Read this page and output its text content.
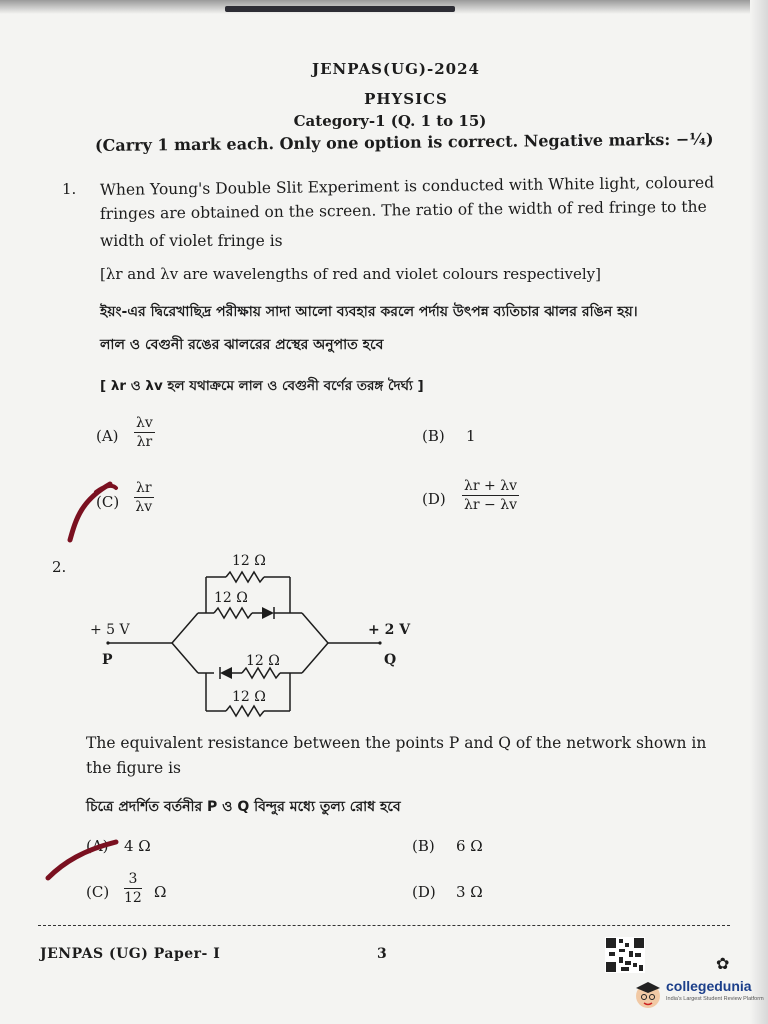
JENPAS(UG)-2024
PHYSICS
Category-1 (Q. 1 to 15)
(Carry 1 mark each. Only one option is correct. Negative marks: −¼)
1. When Young's Double Slit Experiment is conducted with White light, coloured
fringes are obtained on the screen. The ratio of the width of red fringe to the
width of violet fringe is
[λr and λv are wavelengths of red and violet colours respectively]
ইয়ং-এর দ্বিরেখাছিদ্র পরীক্ষায় সাদা আলো ব্যবহার করলে পর্দায় উৎপন্ন ব্যতিচার ঝালর রঙিন হয়।
লাল ও বেগুনী রঙের ঝালরের প্রস্থের অনুপাত হবে
[ λr ও λv হল যথাক্রমে লাল ও বেগুনী বর্ণের তরঙ্গ দৈর্ঘ্য ]
$(A) \frac{\lambda v}{\lambda r}$	(B) 1
$(C) \frac{\lambda r}{\lambda v}$	$(D) \frac{\lambda r + \lambda v}{\lambda r - \lambda v}$
2.	12 Ω
12 Ω
12 Ω
12 Ω
+ 5 V
P
+ 2 V
Q
The equivalent resistance between the points P and Q of the network shown in
the figure is
চিত্রে প্রদর্শিত বর্তনীর P ও Q বিন্দুর মধ্যে তুল্য রোধ হবে
(A) 4 Ω	(B) 6 Ω
$(C) \frac{3}{12}$ Ω	(D) 3 Ω
JENPAS (UG) Paper- I	3	✿
collegedunia
India's Largest Student Review Platform
